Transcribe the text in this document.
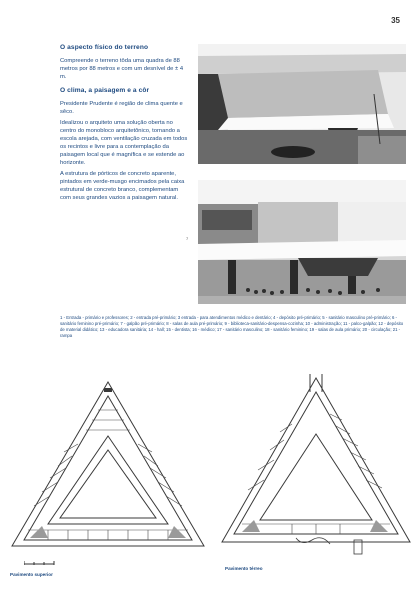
35
O aspecto físico do terreno

Compreende o terreno tôda uma quadra de 88 metros por 88 metros e com um desnível de ± 4 m.

O clima, a paisagem e a côr

Presidente Prudente é região de clima quente e sêco.

Idealizou o arquiteto uma solução oberta no centro do monobloco arquitetônico, tornando a escola arejada, com ventilação cruzada em todos os recintos e livre para a contemplação da paisagem local que é magnífica e se estende ao horizonte.

A estrutura de pórticos de concreto aparente, pintados em verde-musgo encimados pela caixa estrutural de concreto branco, complementam com seus grandes vazios a paisagem natural.

7
1 - Entrada - primário e professores; 2 - entrada pré-primário; 3 entrada - para atendimentos médico e dentário; 4 - depósito pré-primário; 5 - sanitário masculino pré-primário; 6 - sanitário feminino pré-primário; 7 - galpão pré-primário; 8 - salas de aula pré-primário; 9 - biblioteca-sanitário-despensa-cozinha; 10 - administração; 11 - palco-galpão; 12 - depósito de material didático; 13 - educadora sanitária; 14 - hall; 15 - dentista; 16 - médico; 17 - sanitário masculino; 18 - sanitário feminino; 19 - salas de aula primário; 20 - circulação; 21 - rampa
Pavimento superior
Pavimento térreo
